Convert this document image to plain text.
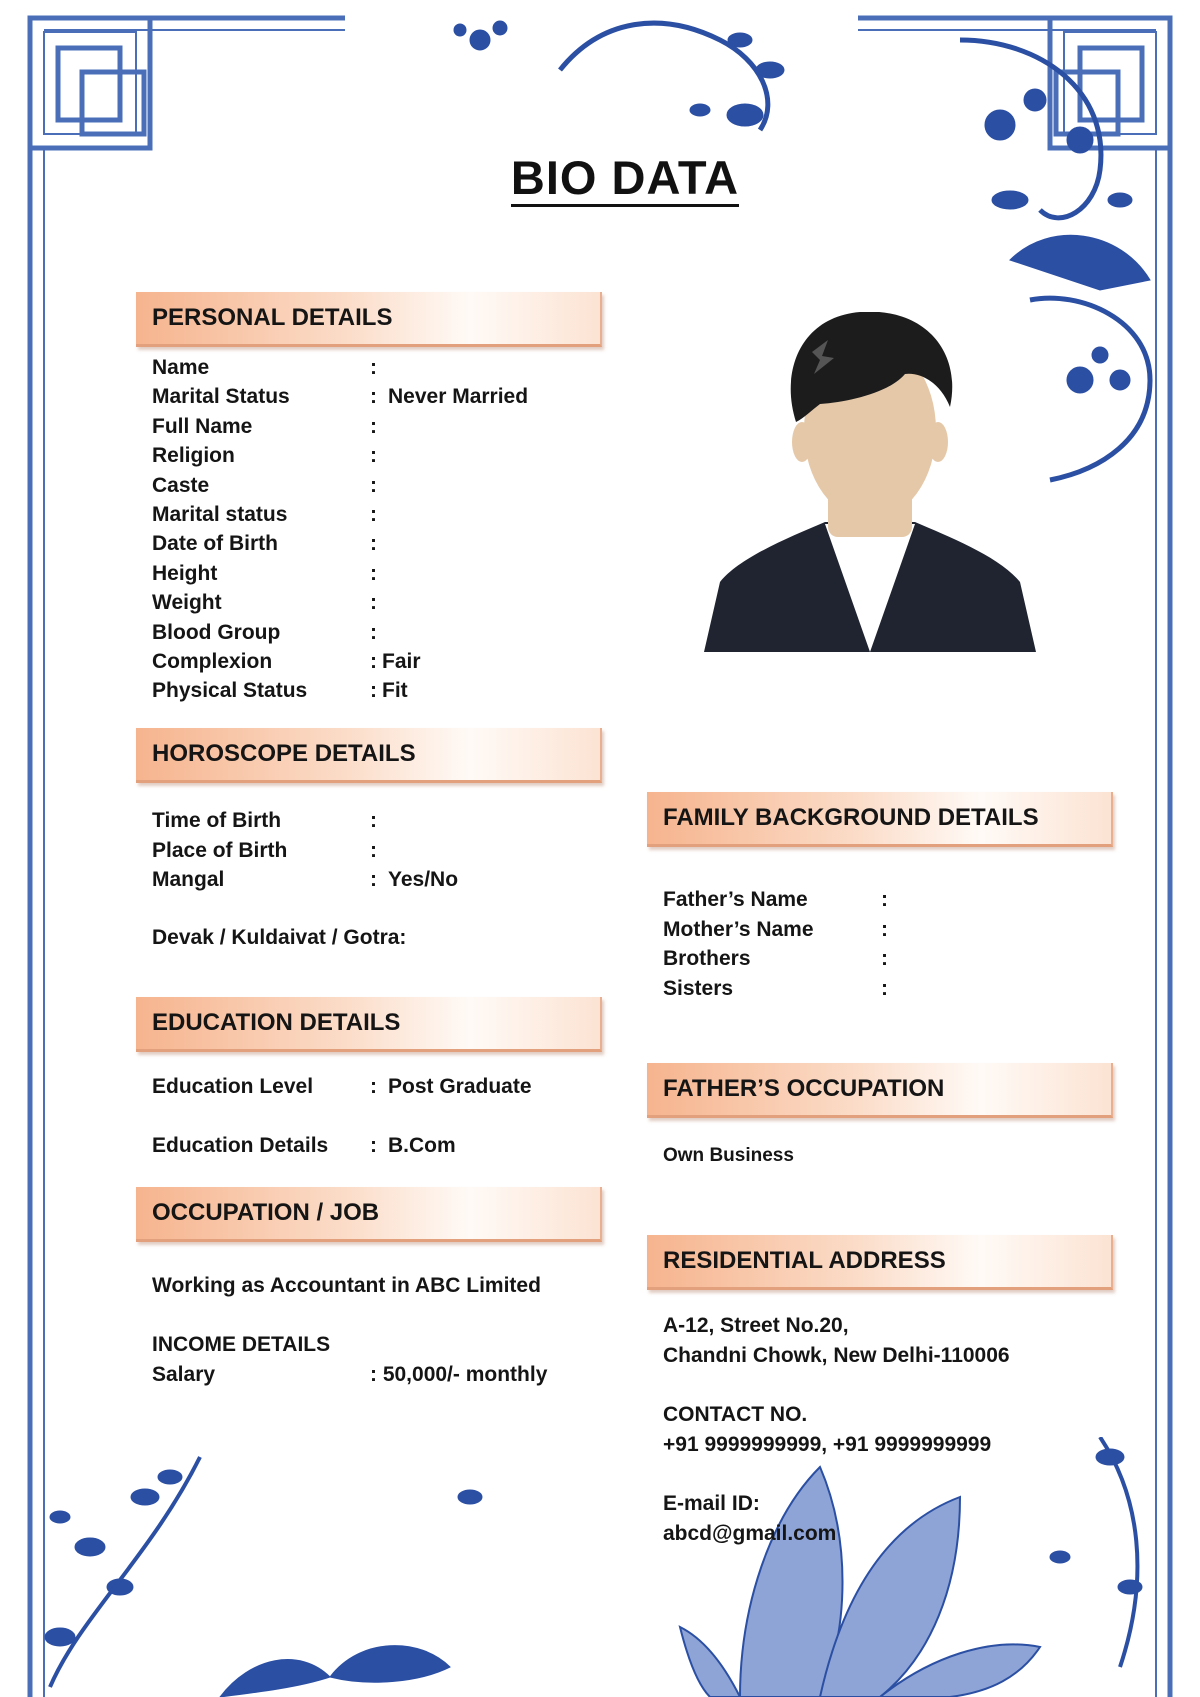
BIO DATA
PERSONAL DETAILS
Name	:
Marital Status	: Never Married
Full Name	:
Religion	:
Caste	:
Marital status	:
Date of Birth	:
Height	:
Weight	:
Blood Group	:
Complexion	: Fair
Physical Status	: Fit
HOROSCOPE DETAILS
Time of Birth	:
Place of Birth	:
Mangal	: Yes/No
Devak / Kuldaivat / Gotra:
EDUCATION DETAILS
Education Level	: Post Graduate
Education Details : B.Com
OCCUPATION / JOB
Working as Accountant in ABC Limited
INCOME DETAILS
Salary	: 50,000/- monthly
FAMILY BACKGROUND DETAILS
Father’s Name	:
Mother’s Name	:
Brothers	:
Sisters	:
FATHER’S OCCUPATION
Own Business
RESIDENTIAL ADDRESS
A-12, Street No.20,
Chandni Chowk, New Delhi-110006
CONTACT NO.
+91 9999999999, +91 9999999999
E-mail ID:
abcd@gmail.com
